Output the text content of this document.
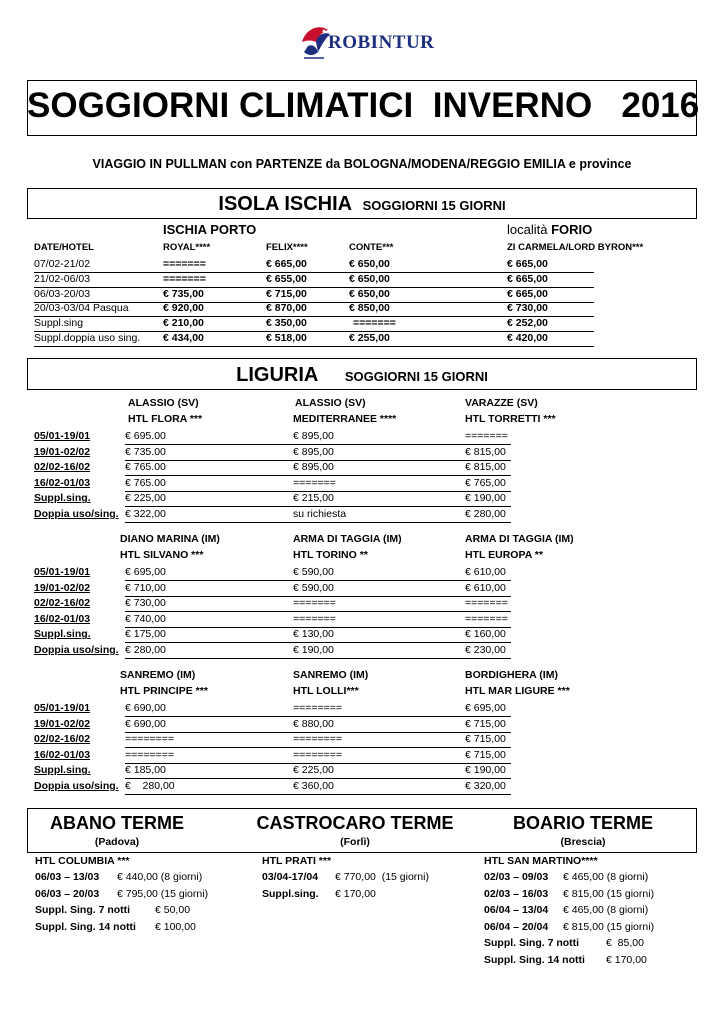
ROBINTUR
SOGGIORNI CLIMATICI  INVERNO   2016
VIAGGIO IN PULLMAN con PARTENZE da BOLOGNA/MODENA/REGGIO EMILIA e province
ISOLA ISCHIA SOGGIORNI 15 GIORNI
ISCHIA PORTO	località FORIO
DATE/HOTEL	ROYAL****	FELIX****	CONTE***	ZI CARMELA/LORD BYRON***
07/02-21/02	=======	€ 665,00	€ 650,00	€ 665,00
21/02-06/03	=======	€ 655,00	€ 650,00	€ 665,00
06/03-20/03	€ 735,00	€ 715,00	€ 650,00	€ 665,00
20/03-03/04 Pasqua	€ 920,00	€ 870,00	€ 850,00	€ 730,00
Suppl.sing	€ 210,00	€ 350,00	=======	€ 252,00
Suppl.doppia uso sing. € 434,00	€ 518,00	€ 255,00	€ 420,00
LIGURIA SOGGIORNI 15 GIORNI
ALASSIO (SV)	ALASSIO (SV)	VARAZZE (SV)
HTL FLORA ***	MEDITERRANEE ****	HTL TORRETTI ***
05/01-19/01	€ 695.00	€ 895,00	=======
19/01-02/02	€ 735.00	€ 895,00	€ 815,00
02/02-16/02	€ 765.00	€ 895,00	€ 815,00
16/02-01/03	€ 765.00	=======	€ 765,00
Suppl.sing.	€ 225,00	€ 215,00	€ 190,00
Doppia uso/sing. € 322,00	su richiesta	€ 280,00
DIANO MARINA (IM)	ARMA DI TAGGIA (IM)	ARMA DI TAGGIA (IM)
HTL SILVANO ***	HTL TORINO **	HTL EUROPA **
05/01-19/01	€ 695,00	€ 590,00	€ 610,00
19/01-02/02	€ 710,00	€ 590,00	€ 610,00
02/02-16/02	€ 730,00	=======	=======
16/02-01/03	€ 740,00	=======	=======
Suppl.sing.	€ 175,00	€ 130,00	€ 160,00
Doppia uso/sing. € 280,00	€ 190,00	€ 230,00
SANREMO (IM)	SANREMO (IM)	BORDIGHERA (IM)
HTL PRINCIPE ***	HTL LOLLI***	HTL MAR LIGURE ***
05/01-19/01	€ 690,00	========	€ 695,00
19/01-02/02	€ 690,00	€ 880,00	€ 715,00
02/02-16/02	========	========	€ 715,00
16/02-01/03	========	========	€ 715,00
Suppl.sing.	€ 185,00	€ 225,00	€ 190,00
Doppia uso/sing. €    280,00	€ 360,00	€ 320,00
ABANO TERME
(Padova)
CASTROCARO TERME
(Forlì)
BOARIO TERME
(Brescia)
HTL COLUMBIA ***	HTL PRATI ***	HTL SAN MARTINO****
06/03 – 13/03 € 440,00 (8 giorni)
06/03 – 20/03 € 795,00 (15 giorni)
Suppl. Sing. 7 notti € 50,00
Suppl. Sing. 14 notti € 100,00
03/04-17/04 € 770,00  (15 giorni)
Suppl.sing. € 170,00
02/03 – 09/03 € 465,00 (8 giorni)
02/03 – 16/03 € 815,00 (15 giorni)
06/04 – 13/04 € 465,00 (8 giorni)
06/04 – 20/04 € 815,00 (15 giorni)
Suppl. Sing. 7 notti	€  85,00
Suppl. Sing. 14 notti € 170,00
